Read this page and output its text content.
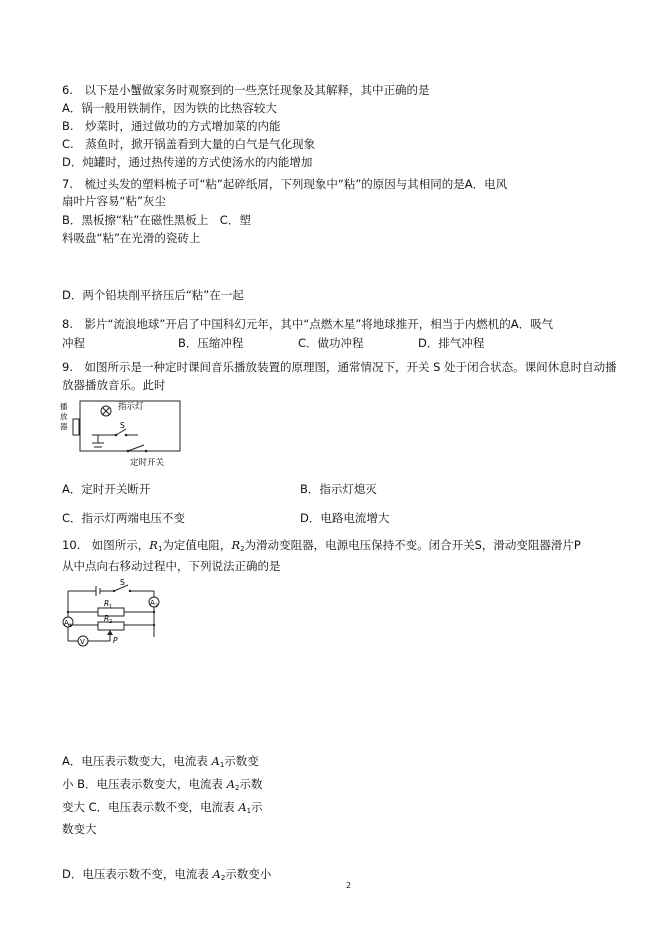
6.　以下是小蟹做家务时观察到的一些烹饪现象及其解释，其中正确的是
A．锅一般用铁制作，因为铁的比热容较大
B.　炒菜时，通过做功的方式增加菜的内能
C.　蒸鱼时，掀开锅盖看到大量的白气是气化现象
D．炖罐时，通过热传递的方式使汤水的内能增加
7.　梳过头发的塑料梳子可“粘”起碎纸屑，下列现象中“粘”的原因与其相同的是A．电风
扇叶片容易“粘”灰尘
B．黑板擦“粘”在磁性黑板上　C．塑
料吸盘“粘”在光滑的瓷砖上
D．两个铅块削平挤压后“粘”在一起
8.　影片“流浪地球”开启了中国科幻元年，其中“点燃木星”将地球推开，相当于内燃机的A．吸气
冲程	B．压缩冲程	C．做功冲程	D．排气冲程
9.　如图所示是一种定时课间音乐播放装置的原理图，通常情况下，开关 S 处于闭合状态。课间休息时自动播
放器播放音乐。此时
指示灯
播
放
器	S
定时开关
A．定时开关断开	B．指示灯熄灭
C．指示灯两端电压不变	D．电路电流增大
10.　如图所示，$R_1$为定值电阻，$R_2$为滑动变阻器，电源电压保持不变。闭合开关S，滑动变阻器滑片P
从中点向右移动过程中，下列说法正确的是
S
R 1
R 2
A 1
A 2
V	P
A．电压表示数变大，电流表 $A_1$示数变
小 B．电压表示数变大，电流表 $A_2$示数
变大 C．电压表示数不变，电流表 $A_1$示
数变大
D．电压表示数不变，电流表 $A_2$示数变小
2
